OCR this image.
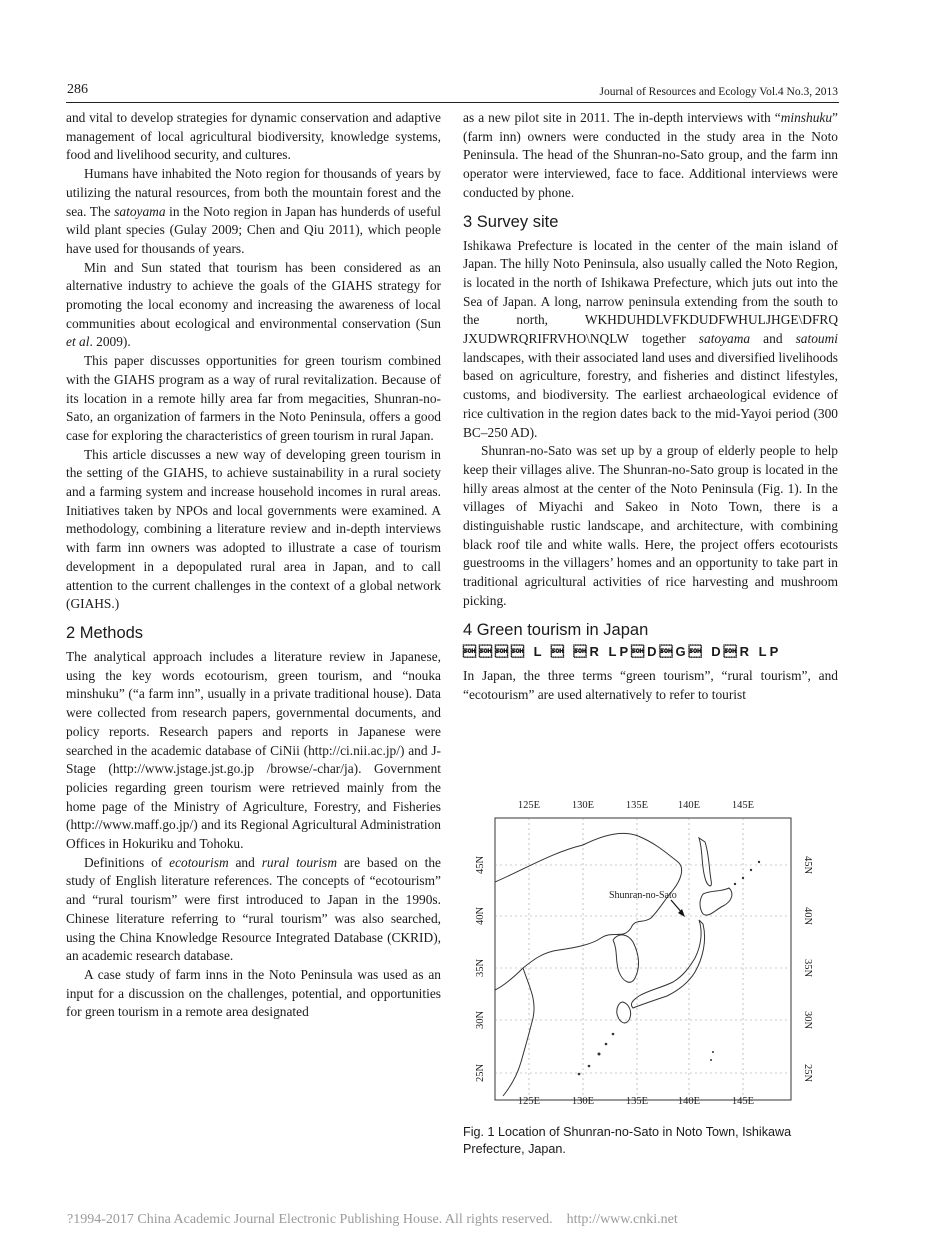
286	Journal of Resources and Ecology Vol.4 No.3, 2013

and vital to develop strategies for dynamic conservation and adaptive management of local agricultural biodiversity, knowledge systems, food and livelihood security, and cultures.

Humans have inhabited the Noto region for thousands of years by utilizing the natural resources, from both the mountain forest and the sea. The satoyama in the Noto region in Japan has hunderds of useful wild plant species (Gulay 2009; Chen and Qiu 2011), which people have used for thousands of years.

Min and Sun stated that tourism has been considered as an alternative industry to achieve the goals of the GIAHS strategy for promoting the local economy and increasing the awareness of local communities about ecological and environmental conservation (Sun et al. 2009).

This paper discusses opportunities for green tourism combined with the GIAHS program as a way of rural revitalization. Because of its location in a remote hilly area far from megacities, Shunran-no-Sato, an organization of farmers in the Noto Peninsula, offers a good case for exploring the characteristics of green tourism in rural Japan.

This article discusses a new way of developing green tourism in the setting of the GIAHS, to achieve sustainability in a rural society and a farming system and increase household incomes in rural areas. Initiatives taken by NPOs and local governments were examined. A methodology, combining a literature review and in-depth interviews with farm inn owners was adopted to illustrate a case of tourism development in a depopulated rural area in Japan, and to call attention to the current challenges in the context of a global network (GIAHS.)

2 Methods

The analytical approach includes a literature review in Japanese, using the key words ecotourism, green tourism, and “nouka minshuku” (“a farm inn”, usually in a private traditional house). Data were collected from research papers, governmental documents, and policy reports. Research papers and reports in Japanese were searched in the academic database of CiNii (http://ci.nii.ac.jp/) and J-Stage (http://www.jstage.jst.go.jp /browse/-char/ja). Government policies regarding green tourism were retrieved mainly from the home page of the Ministry of Agriculture, Forestry, and Fisheries (http://www.maff.go.jp/) and its Regional Agricultural Administration Offices in Hokuriku and Tohoku.

Definitions of ecotourism and rural tourism are based on the study of English literature references. The concepts of “ecotourism” and “rural tourism” were first introduced to Japan in the 1990s. Chinese literature referring to “rural tourism” was also searched, using the China Knowledge Resource Integrated Database (CKRID), an academic research database.

A case study of farm inns in the Noto Peninsula was used as an input for a discussion on the challenges, potential, and opportunities for green tourism in a remote area designated

as a new pilot site in 2011. The in-depth interviews with “minshuku” (farm inn) owners were conducted in the study area in the Noto Peninsula. The head of the Shunran-no-Sato group, and the farm inn operator were interviewed, face to face. Additional interviews were conducted by phone.

3 Survey site

Ishikawa Prefecture is located in the center of the main island of Japan. The hilly Noto Peninsula, also usually called the Noto Region, is located in the north of Ishikawa Prefecture, which juts out into the Sea of Japan. A long, narrow peninsula extending from the south to the north, WKHDUHDLVFKDUDFWHULJHGE\DFRQ JXUDWRQRIFRVHO\NQLW together satoyama and satoumi landscapes, with their associated land uses and diversified livelihoods based on agriculture, forestry, and fisheries and distinct lifestyles, customs, and biodiversity. The earliest archaeological evidence of rice cultivation in the region dates back to the mid-Yayoi period (300 BC–250 AD).

Shunran-no-Sato was set up by a group of elderly people to help keep their villages alive. The Shunran-no-Sato group is located in the hilly areas almost at the center of the Noto Peninsula (Fig. 1). In the villages of Miyachi and Sakeo in Noto Town, there is a distinguishable rustic landscape, and architecture, with combining black roof tile and white walls. Here, the project offers ecotourists guestrooms in the villagers’ homes and an opportunity to take part in traditional agricultural activities of rice harvesting and mushroom picking.

4 Green tourism in Japan
 L  R LPDG DR LP

In Japan, the three terms “green tourism”, “rural tourism”, and “ecotourism” are used alternatively to refer to tourist

Shunran-no-Sato
125E	130E	135E	140E	145E
125E	130E	135E	140E	145E
45N
40N
35N
30N
25N
45N
40N
35N
30N
25N
Fig. 1 Location of Shunran-no-Sato in Noto Town, Ishikawa Prefecture, Japan.
?1994-2017 China Academic Journal Electronic Publishing House. All rights reserved. http://www.cnki.net
